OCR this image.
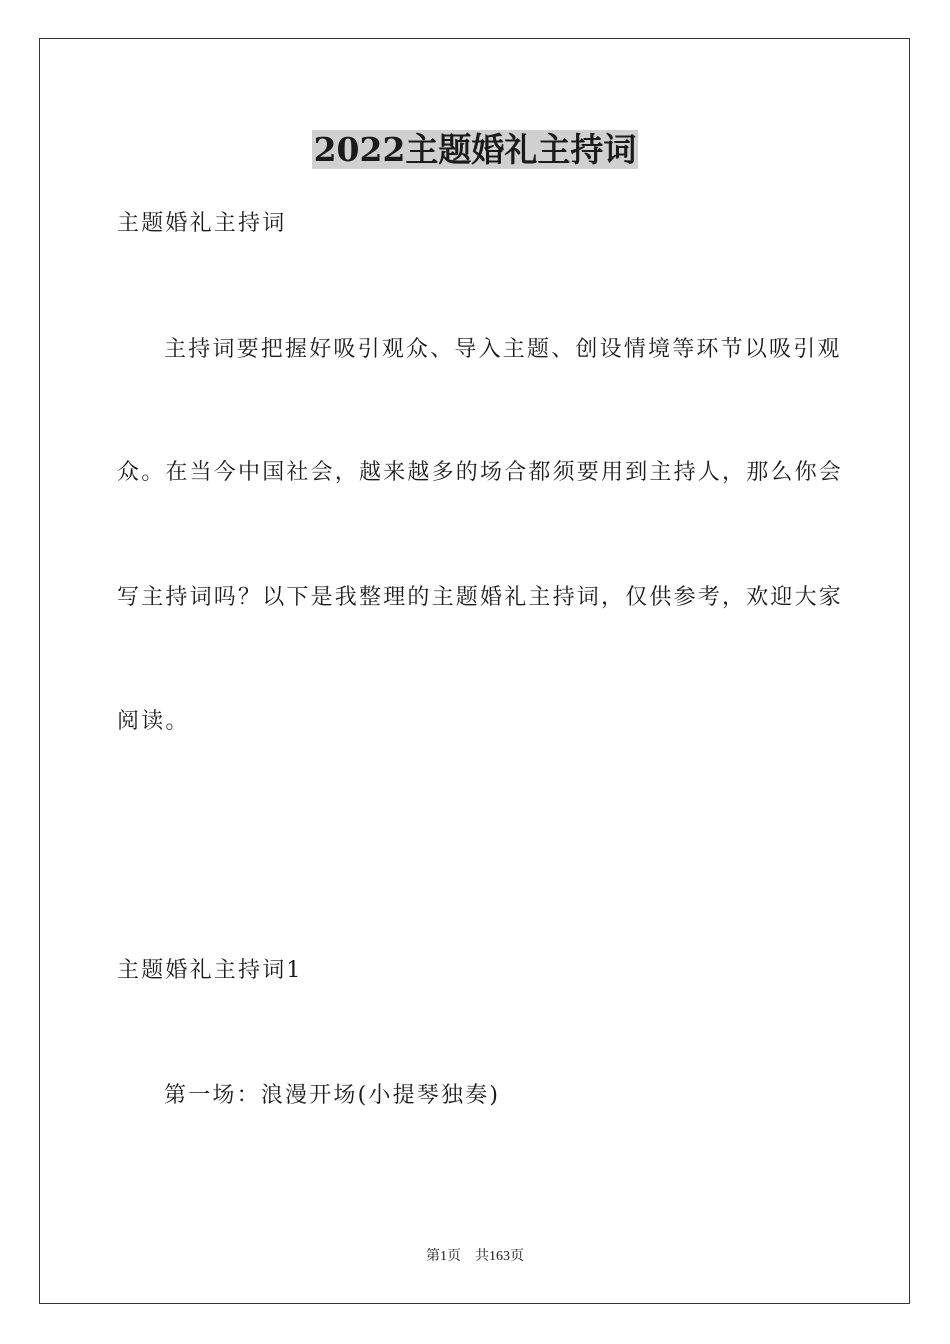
2022主题婚礼主持词
主题婚礼主持词
主持词要把握好吸引观众、导入主题、创设情境等环节以吸引观
众。在当今中国社会，越来越多的场合都须要用到主持人，那么你会
写主持词吗？以下是我整理的主题婚礼主持词，仅供参考，欢迎大家
阅读。
主题婚礼主持词1
第一场：浪漫开场(小提琴独奏)
第1页 共163页
